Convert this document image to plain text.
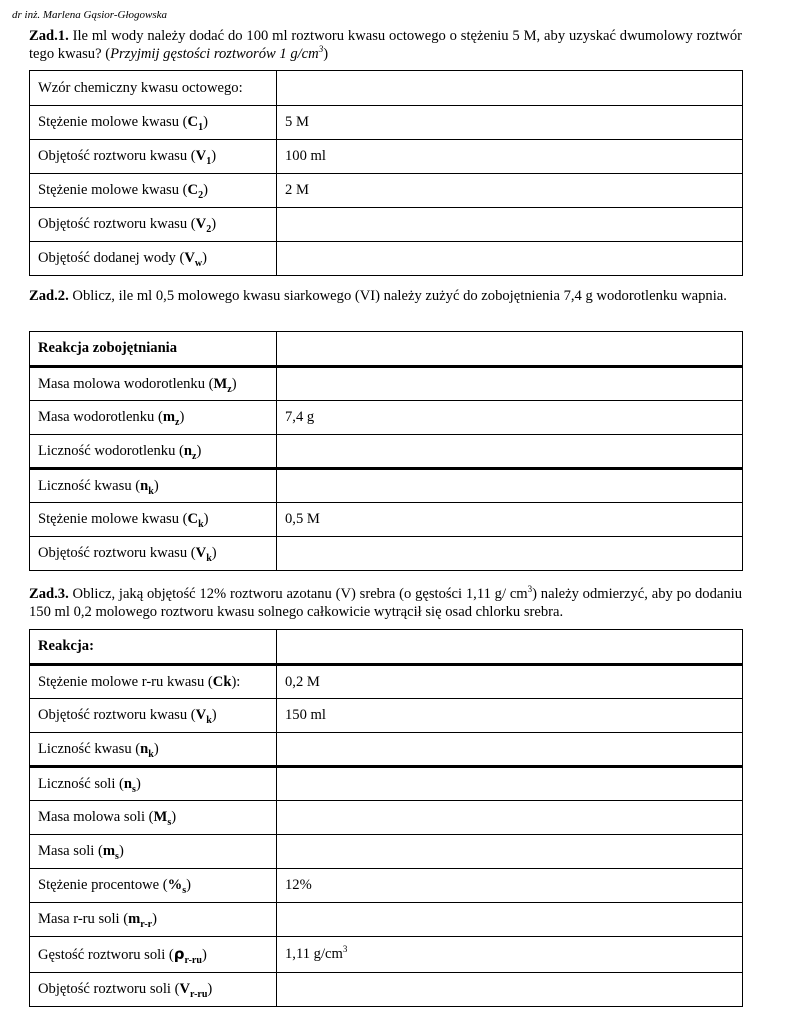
dr inż. Marlena Gąsior-Głogowska
Zad.1. Ile ml wody należy dodać do 100 ml roztworu kwasu octowego o stężeniu 5 M, aby uzyskać dwumolowy roztwór tego kwasu? (Przyjmij gęstości roztworów 1 $g/cm^3$)
Wzór chemiczny kwasu octowego:	
Stężenie molowe kwasu $(C_1)$	5 M
Objętość roztworu kwasu $(V_1)$	100 ml
Stężenie molowe kwasu $(C_2)$	2 M
Objętość roztworu kwasu $(V_2)$	
Objętość dodanej wody $(V_w)$	
Zad.2. Oblicz, ile ml 0,5 molowego kwasu siarkowego (VI) należy zużyć do zobojętnienia 7,4 g wodorotlenku wapnia.
Reakcja zobojętniania	
Masa molowa wodorotlenku $(M_z)$	
Masa wodorotlenku $(m_z)$	7,4 g
Liczność wodorotlenku $(n_z)$	
Liczność kwasu $(n_k)$	
Stężenie molowe kwasu $(C_k)$	0,5 M
Objętość roztworu kwasu $(V_k)$	
Zad.3. Oblicz, jaką objętość 12% roztworu azotanu (V) srebra (o gęstości 1,11 g/ $cm^3$) należy odmierzyć, aby po dodaniu 150 ml 0,2 molowego roztworu kwasu solnego całkowicie wytrącił się osad chlorku srebra.
Reakcja:	
Stężenie molowe r-ru kwasu (Ck):	0,2 M
Objętość roztworu kwasu $(V_k)$	150 ml
Liczność kwasu $(n_k)$	
Liczność soli $(n_s)$	
Masa molowa soli $(M_s)$	
Masa soli $(m_s)$	
Stężenie procentowe $(\%_s)$	12%
Masa r-ru soli $(m_{r-r})$	
Gęstość roztworu soli $(\rho_{r-ru})$	1,11 $g/cm^3$
Objętość roztworu soli $(V_{r-ru})$	
